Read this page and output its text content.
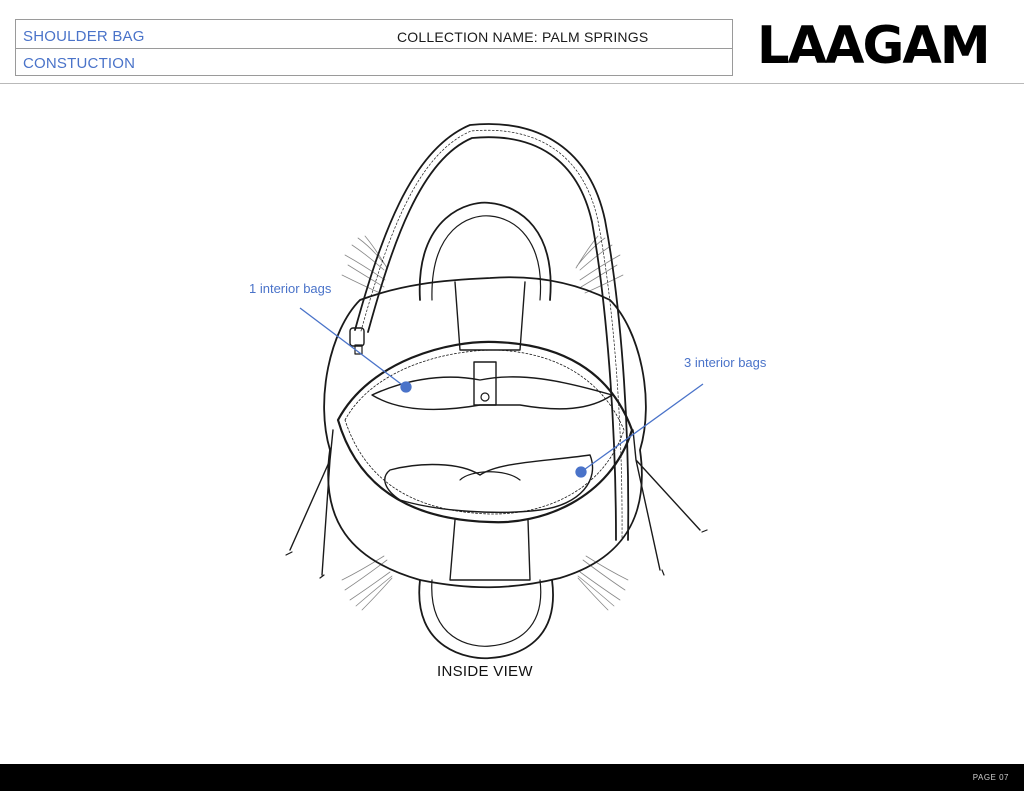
SHOULDER BAG	COLLECTION NAME: PALM SPRINGS
CONSTUCTION	LAAGAM
1 interior bags
3 interior bags
INSIDE VIEW
PAGE 07
